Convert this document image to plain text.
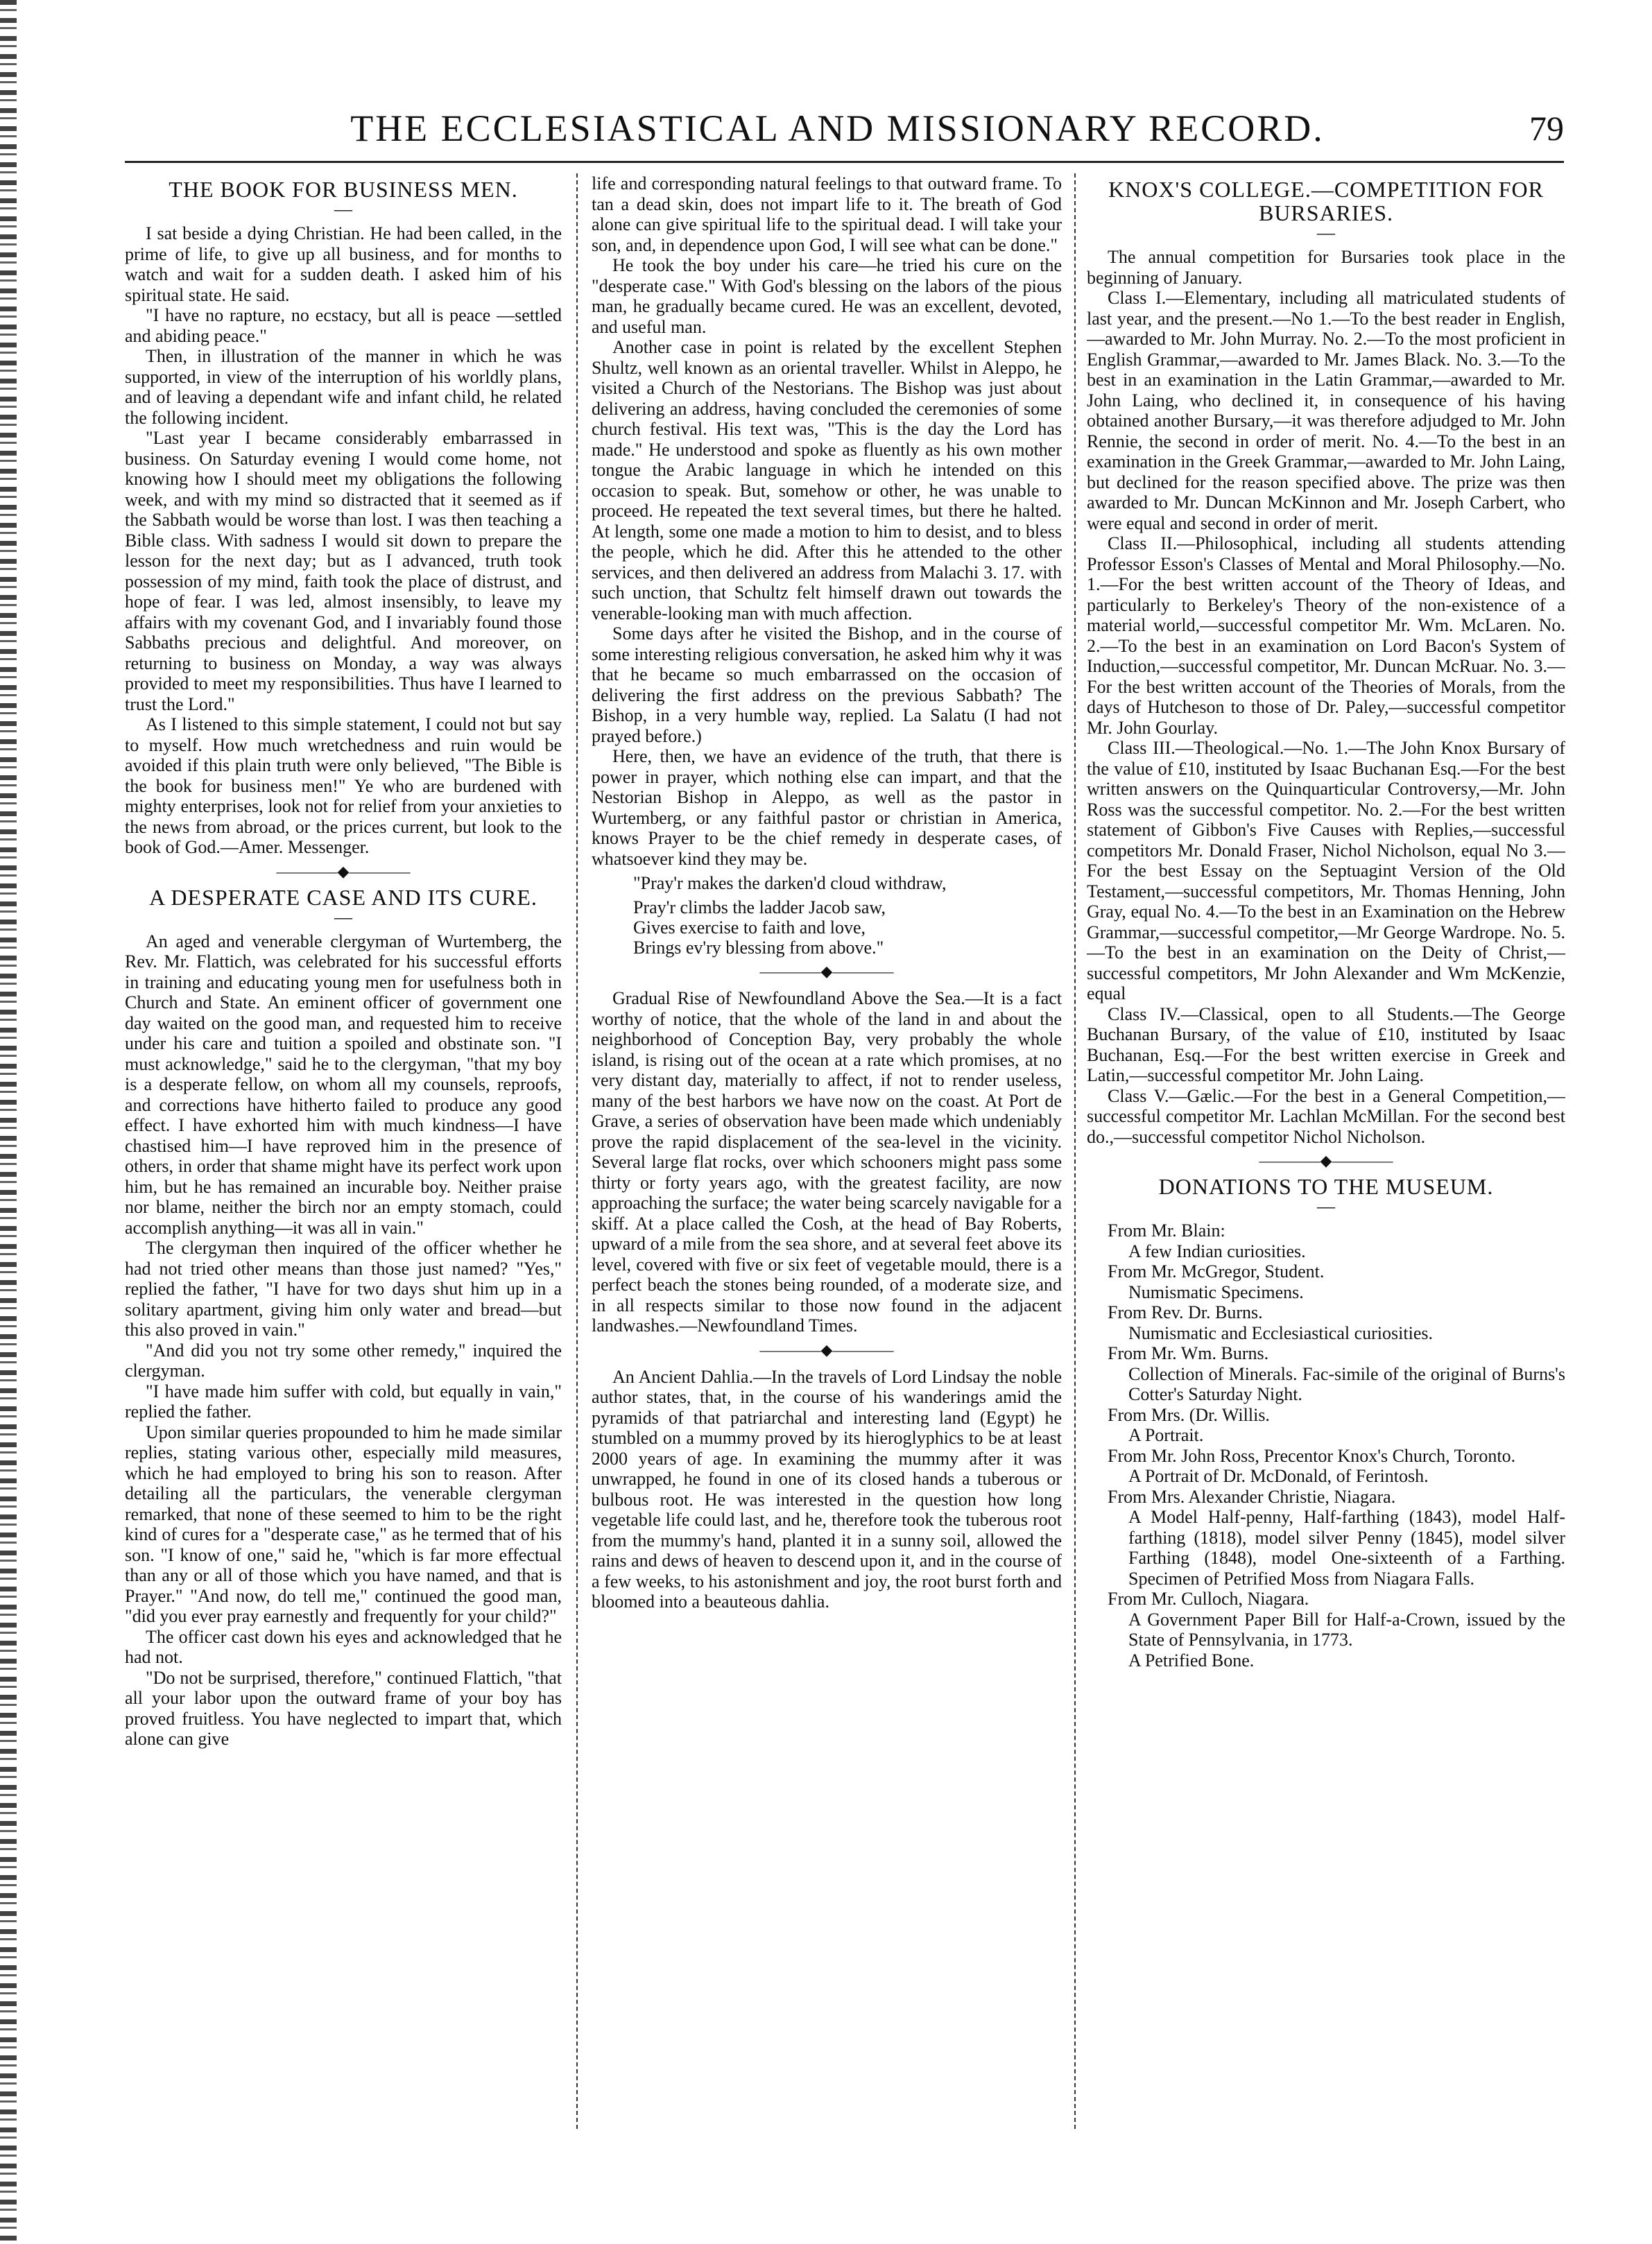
THE ECCLESIASTICAL AND MISSIONARY RECORD.	79
THE BOOK FOR BUSINESS MEN.
—

I sat beside a dying Christian. He had been called, in the prime of life, to give up all business, and for months to watch and wait for a sudden death. I asked him of his spiritual state. He said.

"I have no rapture, no ecstacy, but all is peace —settled and abiding peace."

Then, in illustration of the manner in which he was supported, in view of the interruption of his worldly plans, and of leaving a dependant wife and infant child, he related the following incident.

"Last year I became considerably embarrassed in business. On Saturday evening I would come home, not knowing how I should meet my obligations the following week, and with my mind so distracted that it seemed as if the Sabbath would be worse than lost. I was then teaching a Bible class. With sadness I would sit down to prepare the lesson for the next day; but as I advanced, truth took possession of my mind, faith took the place of distrust, and hope of fear. I was led, almost insensibly, to leave my affairs with my covenant God, and I invariably found those Sabbaths precious and delightful. And moreover, on returning to business on Monday, a way was always provided to meet my responsibilities. Thus have I learned to trust the Lord."

As I listened to this simple statement, I could not but say to myself. How much wretchedness and ruin would be avoided if this plain truth were only believed, "The Bible is the book for business men!" Ye who are burdened with mighty enterprises, look not for relief from your anxieties to the news from abroad, or the prices current, but look to the book of God.—Amer. Messenger.

————◆————
A DESPERATE CASE AND ITS CURE.
—

An aged and venerable clergyman of Wurtemberg, the Rev. Mr. Flattich, was celebrated for his successful efforts in training and educating young men for usefulness both in Church and State. An eminent officer of government one day waited on the good man, and requested him to receive under his care and tuition a spoiled and obstinate son. "I must acknowledge," said he to the clergyman, "that my boy is a desperate fellow, on whom all my counsels, reproofs, and corrections have hitherto failed to produce any good effect. I have exhorted him with much kindness—I have chastised him—I have reproved him in the presence of others, in order that shame might have its perfect work upon him, but he has remained an incurable boy. Neither praise nor blame, neither the birch nor an empty stomach, could accomplish anything—it was all in vain."

The clergyman then inquired of the officer whether he had not tried other means than those just named? "Yes," replied the father, "I have for two days shut him up in a solitary apartment, giving him only water and bread—but this also proved in vain."

"And did you not try some other remedy," inquired the clergyman.

"I have made him suffer with cold, but equally in vain," replied the father.

Upon similar queries propounded to him he made similar replies, stating various other, especially mild measures, which he had employed to bring his son to reason. After detailing all the particulars, the venerable clergyman remarked, that none of these seemed to him to be the right kind of cures for a "desperate case," as he termed that of his son. "I know of one," said he, "which is far more effectual than any or all of those which you have named, and that is Prayer." "And now, do tell me," continued the good man, "did you ever pray earnestly and frequently for your child?"

The officer cast down his eyes and acknowledged that he had not.

"Do not be surprised, therefore," continued Flattich, "that all your labor upon the outward frame of your boy has proved fruitless. You have neglected to impart that, which alone can give

life and corresponding natural feelings to that outward frame. To tan a dead skin, does not impart life to it. The breath of God alone can give spiritual life to the spiritual dead. I will take your son, and, in dependence upon God, I will see what can be done."

He took the boy under his care—he tried his cure on the "desperate case." With God's blessing on the labors of the pious man, he gradually became cured. He was an excellent, devoted, and useful man.

Another case in point is related by the excellent Stephen Shultz, well known as an oriental traveller. Whilst in Aleppo, he visited a Church of the Nestorians. The Bishop was just about delivering an address, having concluded the ceremonies of some church festival. His text was, "This is the day the Lord has made." He understood and spoke as fluently as his own mother tongue the Arabic language in which he intended on this occasion to speak. But, somehow or other, he was unable to proceed. He repeated the text several times, but there he halted. At length, some one made a motion to him to desist, and to bless the people, which he did. After this he attended to the other services, and then delivered an address from Malachi 3. 17. with such unction, that Schultz felt himself drawn out towards the venerable-looking man with much affection.

Some days after he visited the Bishop, and in the course of some interesting religious conversation, he asked him why it was that he became so much embarrassed on the occasion of delivering the first address on the previous Sabbath? The Bishop, in a very humble way, replied. La Salatu (I had not prayed before.)

Here, then, we have an evidence of the truth, that there is power in prayer, which nothing else can impart, and that the Nestorian Bishop in Aleppo, as well as the pastor in Wurtemberg, or any faithful pastor or christian in America, knows Prayer to be the chief remedy in desperate cases, of whatsoever kind they may be.

"Pray'r makes the darken'd cloud withdraw,
Pray'r climbs the ladder Jacob saw,
Gives exercise to faith and love,
Brings ev'ry blessing from above."
————◆————

Gradual Rise of Newfoundland Above the Sea.—It is a fact worthy of notice, that the whole of the land in and about the neighborhood of Conception Bay, very probably the whole island, is rising out of the ocean at a rate which promises, at no very distant day, materially to affect, if not to render useless, many of the best harbors we have now on the coast. At Port de Grave, a series of observation have been made which undeniably prove the rapid displacement of the sea-level in the vicinity. Several large flat rocks, over which schooners might pass some thirty or forty years ago, with the greatest facility, are now approaching the surface; the water being scarcely navigable for a skiff. At a place called the Cosh, at the head of Bay Roberts, upward of a mile from the sea shore, and at several feet above its level, covered with five or six feet of vegetable mould, there is a perfect beach the stones being rounded, of a moderate size, and in all respects similar to those now found in the adjacent landwashes.—Newfoundland Times.

————◆————

An Ancient Dahlia.—In the travels of Lord Lindsay the noble author states, that, in the course of his wanderings amid the pyramids of that patriarchal and interesting land (Egypt) he stumbled on a mummy proved by its hieroglyphics to be at least 2000 years of age. In examining the mummy after it was unwrapped, he found in one of its closed hands a tuberous or bulbous root. He was interested in the question how long vegetable life could last, and he, therefore took the tuberous root from the mummy's hand, planted it in a sunny soil, allowed the rains and dews of heaven to descend upon it, and in the course of a few weeks, to his astonishment and joy, the root burst forth and bloomed into a beauteous dahlia.

KNOX'S COLLEGE.—COMPETITION FOR BURSARIES.
—

The annual competition for Bursaries took place in the beginning of January.

Class I.—Elementary, including all matriculated students of last year, and the present.—No 1.—To the best reader in English,—awarded to Mr. John Murray. No. 2.—To the most proficient in English Grammar,—awarded to Mr. James Black. No. 3.—To the best in an examination in the Latin Grammar,—awarded to Mr. John Laing, who declined it, in consequence of his having obtained another Bursary,—it was therefore adjudged to Mr. John Rennie, the second in order of merit. No. 4.—To the best in an examination in the Greek Grammar,—awarded to Mr. John Laing, but declined for the reason specified above. The prize was then awarded to Mr. Duncan McKinnon and Mr. Joseph Carbert, who were equal and second in order of merit.

Class II.—Philosophical, including all students attending Professor Esson's Classes of Mental and Moral Philosophy.—No. 1.—For the best written account of the Theory of Ideas, and particularly to Berkeley's Theory of the non-existence of a material world,—successful competitor Mr. Wm. McLaren. No. 2.—To the best in an examination on Lord Bacon's System of Induction,—successful competitor, Mr. Duncan McRuar. No. 3.—For the best written account of the Theories of Morals, from the days of Hutcheson to those of Dr. Paley,—successful competitor Mr. John Gourlay.

Class III.—Theological.—No. 1.—The John Knox Bursary of the value of £10, instituted by Isaac Buchanan Esq.—For the best written answers on the Quinquarticular Controversy,—Mr. John Ross was the successful competitor. No. 2.—For the best written statement of Gibbon's Five Causes with Replies,—successful competitors Mr. Donald Fraser, Nichol Nicholson, equal No 3.—For the best Essay on the Septuagint Version of the Old Testament,—successful competitors, Mr. Thomas Henning, John Gray, equal No. 4.—To the best in an Examination on the Hebrew Grammar,—successful competitor,—Mr George Wardrope. No. 5.—To the best in an examination on the Deity of Christ,—successful competitors, Mr John Alexander and Wm McKenzie, equal

Class IV.—Classical, open to all Students.—The George Buchanan Bursary, of the value of £10, instituted by Isaac Buchanan, Esq.—For the best written exercise in Greek and Latin,—successful competitor Mr. John Laing.

Class V.—Gælic.—For the best in a General Competition,—successful competitor Mr. Lachlan McMillan. For the second best do.,—successful competitor Nichol Nicholson.

————◆————
DONATIONS TO THE MUSEUM.
—
From Mr. Blain:
A few Indian curiosities.
From Mr. McGregor, Student.
Numismatic Specimens.
From Rev. Dr. Burns.
Numismatic and Ecclesiastical curiosities.
From Mr. Wm. Burns.
Collection of Minerals. Fac-simile of the original of Burns's Cotter's Saturday Night.
From Mrs. (Dr. Willis.
A Portrait.
From Mr. John Ross, Precentor Knox's Church, Toronto.
A Portrait of Dr. McDonald, of Ferintosh.
From Mrs. Alexander Christie, Niagara.
A Model Half-penny, Half-farthing (1843), model Half-farthing (1818), model silver Penny (1845), model silver Farthing (1848), model One-sixteenth of a Farthing. Specimen of Petrified Moss from Niagara Falls.
From Mr. Culloch, Niagara.
A Government Paper Bill for Half-a-Crown, issued by the State of Pennsylvania, in 1773.
A Petrified Bone.
